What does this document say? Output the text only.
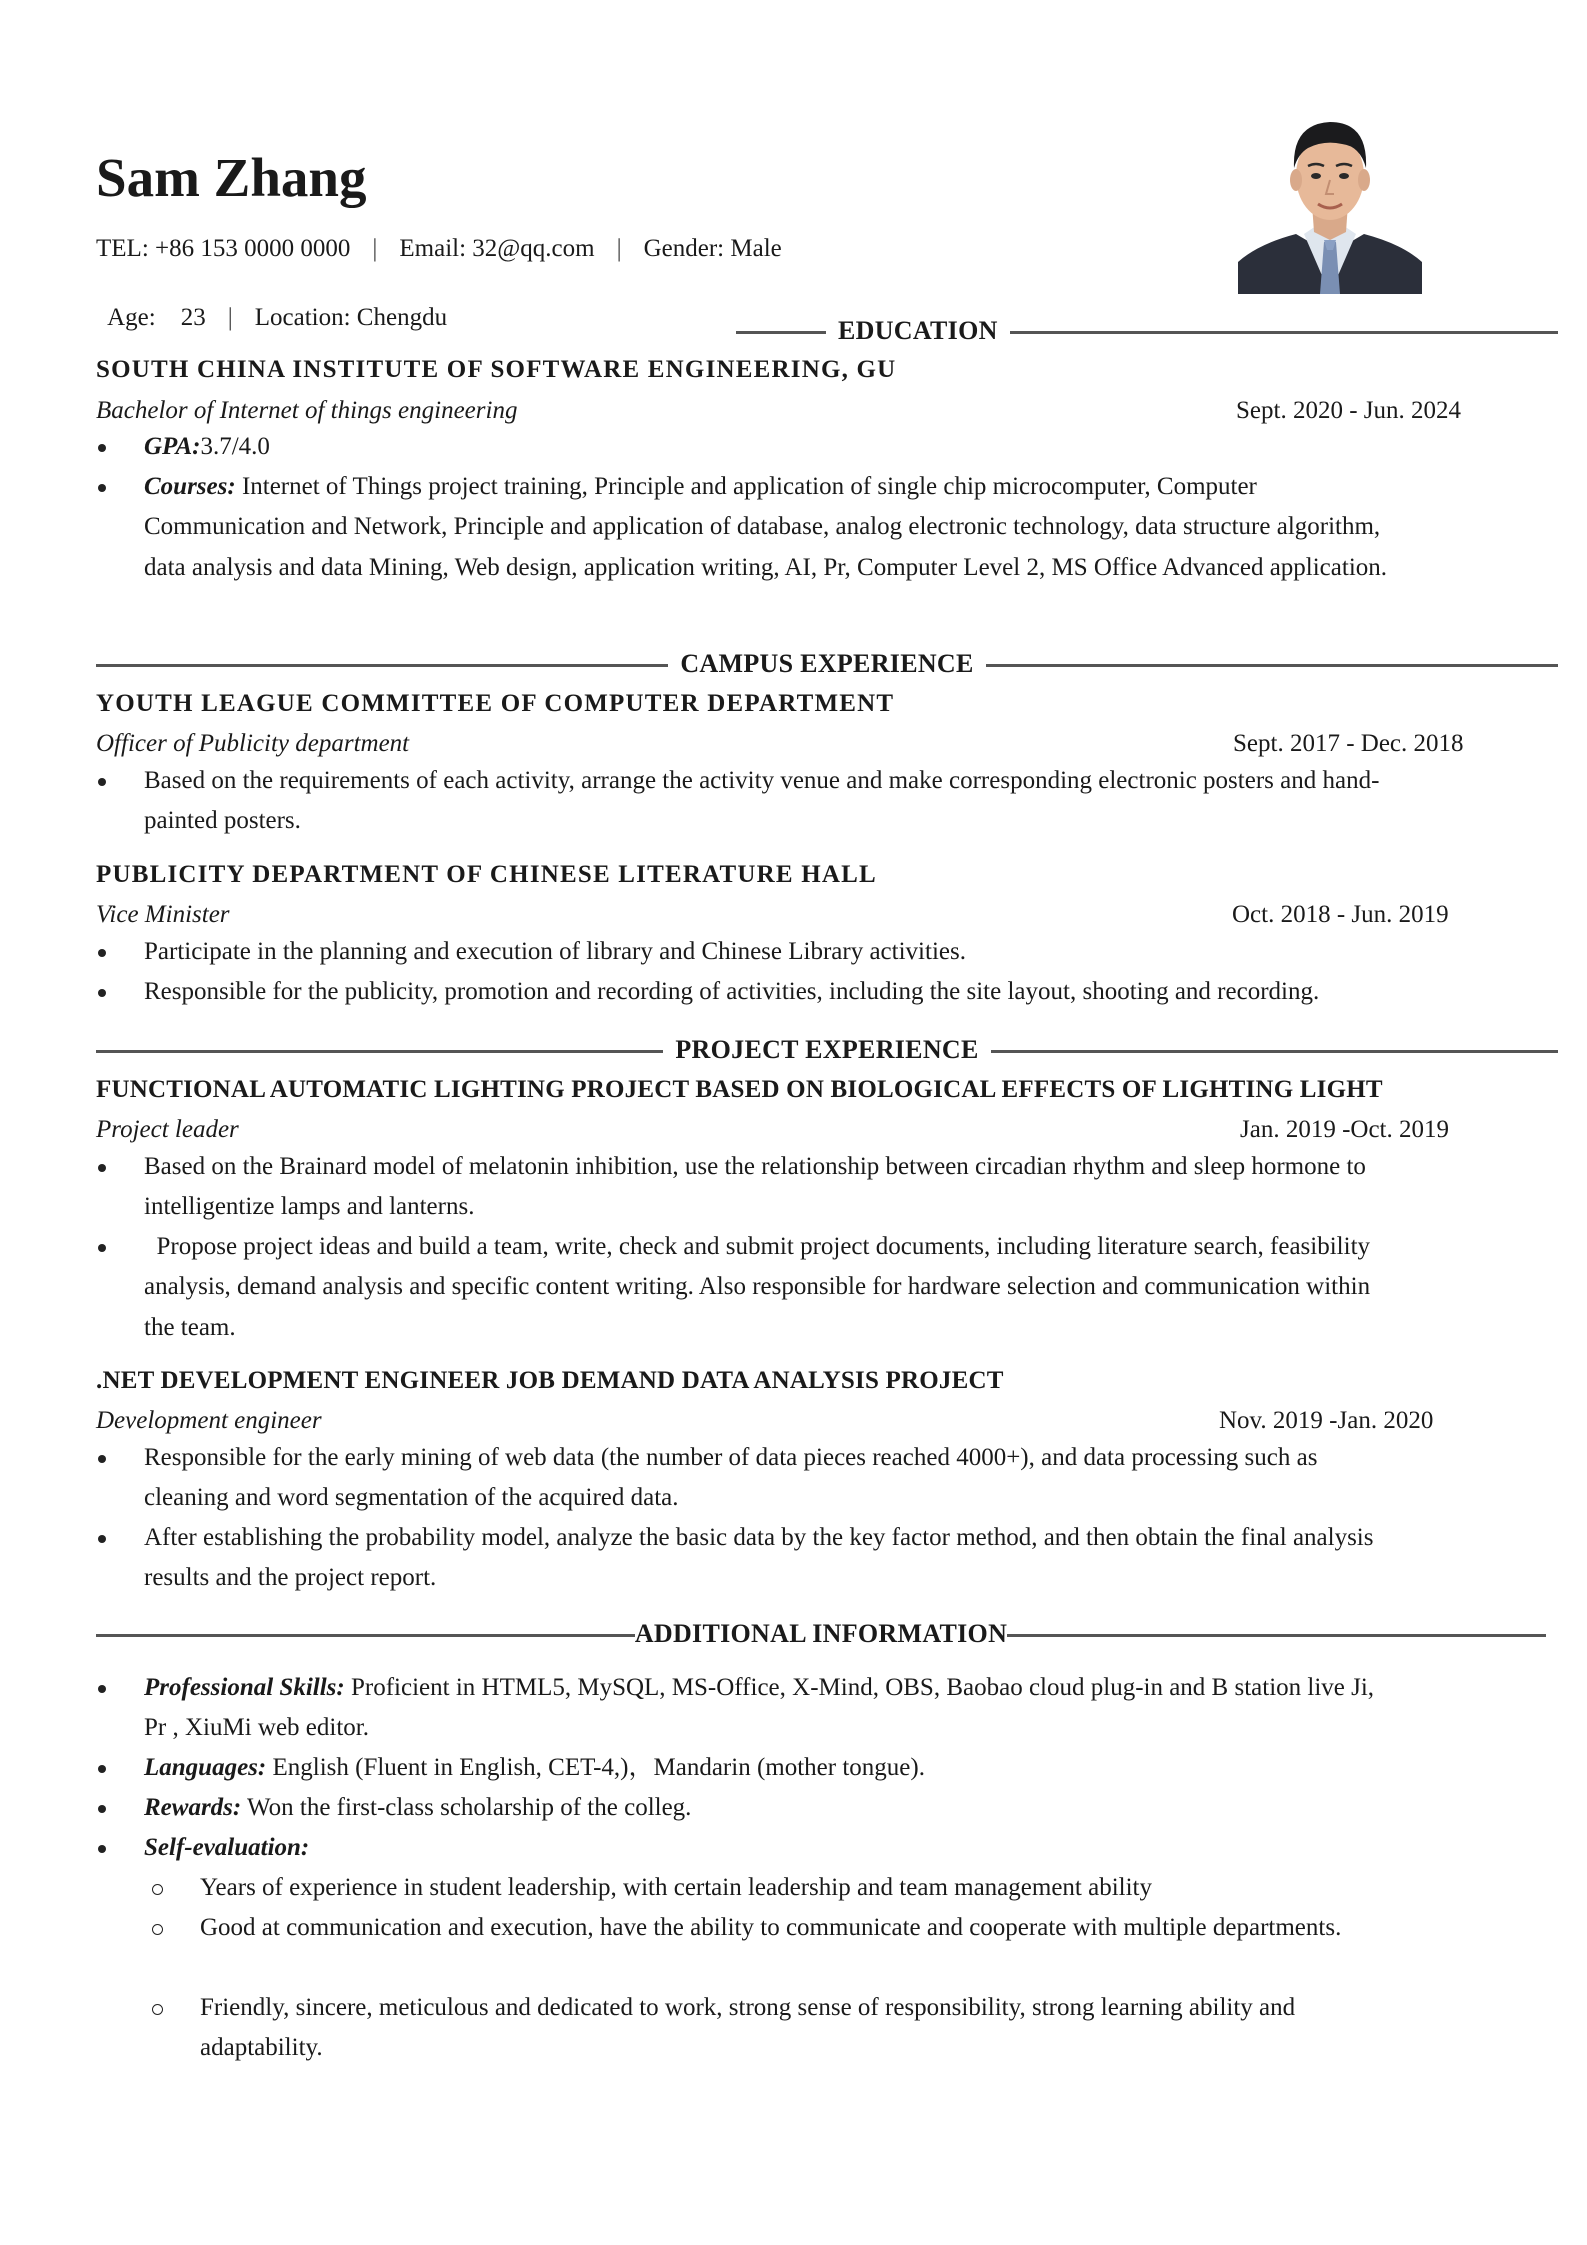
Sam Zhang
TEL: +86 153 0000 0000 | Email: 32@qq.com | Gender: Male

Age:    23 | Location: Chengdu	EDUCATION
SOUTH CHINA INSTITUTE OF SOFTWARE ENGINEERING, GU
Bachelor of Internet of things engineering	Sept. 2020 - Jun. 2024
GPA:3.7/4.0
Courses: Internet of Things project training, Principle and application of single chip microcomputer, Computer Communication and Network, Principle and application of database, analog electronic technology, data structure algorithm, data analysis and data Mining, Web design, application writing, AI, Pr, Computer Level 2, MS Office Advanced application.
CAMPUS EXPERIENCE
YOUTH LEAGUE COMMITTEE OF COMPUTER DEPARTMENT
Officer of Publicity department	Sept. 2017 - Dec. 2018
Based on the requirements of each activity, arrange the activity venue and make corresponding electronic posters and hand-painted posters.
PUBLICITY DEPARTMENT OF CHINESE LITERATURE HALL
Vice Minister	Oct. 2018 - Jun. 2019
Participate in the planning and execution of library and Chinese Library activities.
Responsible for the publicity, promotion and recording of activities, including the site layout, shooting and recording.
PROJECT EXPERIENCE
FUNCTIONAL AUTOMATIC LIGHTING PROJECT BASED ON BIOLOGICAL EFFECTS OF LIGHTING LIGHT
Project leader	Jan. 2019 -Oct. 2019
Based on the Brainard model of melatonin inhibition, use the relationship between circadian rhythm and sleep hormone to intelligentize lamps and lanterns.
Propose project ideas and build a team, write, check and submit project documents, including literature search, feasibility analysis, demand analysis and specific content writing. Also responsible for hardware selection and communication within the team.
.NET DEVELOPMENT ENGINEER JOB DEMAND DATA ANALYSIS PROJECT
Development engineer	Nov. 2019 -Jan. 2020
Responsible for the early mining of web data (the number of data pieces reached 4000+), and data processing such as cleaning and word segmentation of the acquired data.
After establishing the probability model, analyze the basic data by the key factor method, and then obtain the final analysis results and the project report.
ADDITIONAL INFORMATION
Professional Skills: Proficient in HTML5, MySQL, MS-Office, X-Mind, OBS, Baobao cloud plug-in and B station live Ji, Pr , XiuMi web editor.
Languages: English (Fluent in English, CET-4,)，Mandarin (mother tongue).
Rewards: Won the first-class scholarship of the colleg.
Self-evaluation:
Years of experience in student leadership, with certain leadership and team management ability
Good at communication and execution, have the ability to communicate and cooperate with multiple departments.
Friendly, sincere, meticulous and dedicated to work, strong sense of responsibility, strong learning ability and adaptability.
